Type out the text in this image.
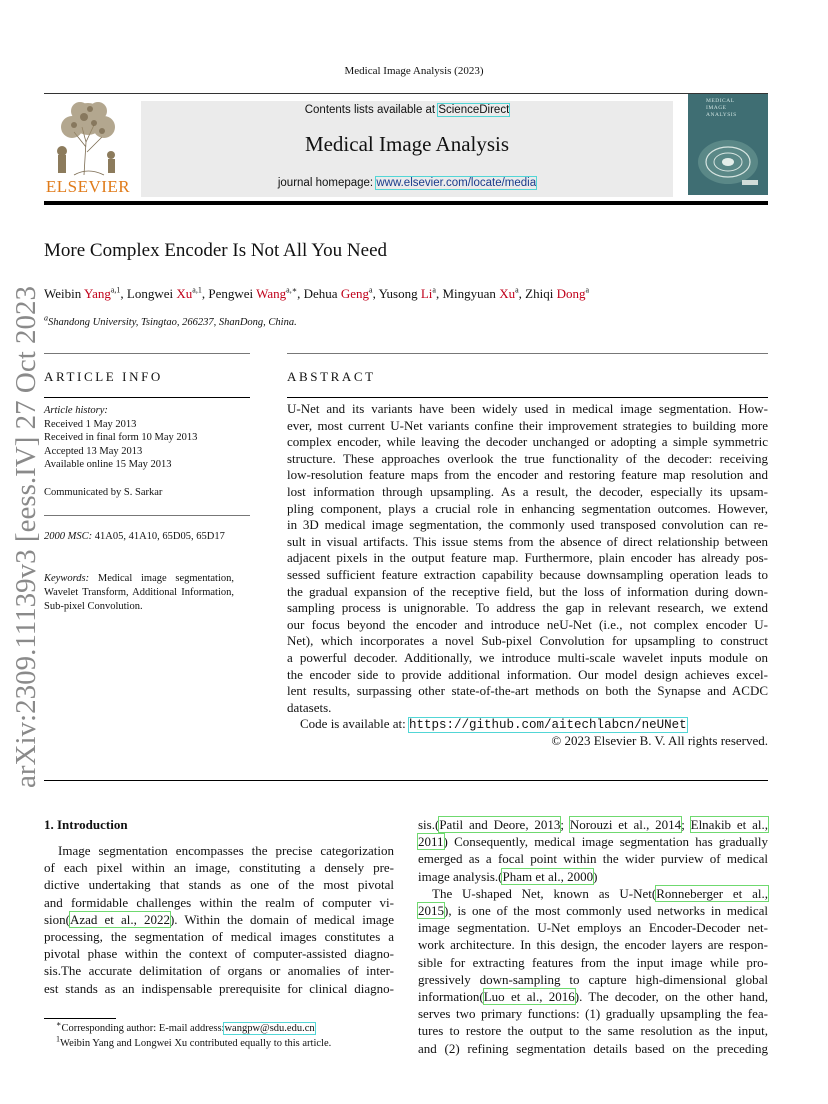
Medical Image Analysis (2023)
ELSEVIER
Contents lists available at ScienceDirect
Medical Image Analysis
journal homepage: www.elsevier.com/locate/media
MEDICAL
IMAGE
ANALYSIS
arXiv:2309.11139v3 [eess.IV] 27 Oct 2023
More Complex Encoder Is Not All You Need
Weibin Yang$^{a,1}$, Longwei Xu$^{a,1}$, Pengwei Wang$^{a,∗}$, Dehua Geng$^a$, Yusong Li$^a$, Mingyuan Xu$^a$, Zhiqi Dong$^a$
$^a$Shandong University, Tsingtao, 266237, ShanDong, China.
ARTICLE INFO
Article history:
Received 1 May 2013
Received in final form 10 May 2013
Accepted 13 May 2013
Available online 15 May 2013
Communicated by S. Sarkar
2000 MSC: 41A05, 41A10, 65D05, 65D17
Keywords: Medical image segmentation, Wavelet Transform, Additional Information, Sub-pixel Convolution.
ABSTRACT
U-Net and its variants have been widely used in medical image segmentation. How-
ever, most current U-Net variants confine their improvement strategies to building more
complex encoder, while leaving the decoder unchanged or adopting a simple symmetric
structure. These approaches overlook the true functionality of the decoder: receiving
low-resolution feature maps from the encoder and restoring feature map resolution and
lost information through upsampling. As a result, the decoder, especially its upsam-
pling component, plays a crucial role in enhancing segmentation outcomes. However,
in 3D medical image segmentation, the commonly used transposed convolution can re-
sult in visual artifacts. This issue stems from the absence of direct relationship between
adjacent pixels in the output feature map. Furthermore, plain encoder has already pos-
sessed sufficient feature extraction capability because downsampling operation leads to
the gradual expansion of the receptive field, but the loss of information during down-
sampling process is unignorable. To address the gap in relevant research, we extend
our focus beyond the encoder and introduce neU-Net (i.e., not complex encoder U-
Net), which incorporates a novel Sub-pixel Convolution for upsampling to construct
a powerful decoder. Additionally, we introduce multi-scale wavelet inputs module on
the encoder side to provide additional information. Our model design achieves excel-
lent results, surpassing other state-of-the-art methods on both the Synapse and ACDC
datasets.
Code is available at: https://github.com/aitechlabcn/neUNet
© 2023 Elsevier B. V. All rights reserved.
1. Introduction
Image segmentation encompasses the precise categorization
of each pixel within an image, constituting a densely pre-
dictive undertaking that stands as one of the most pivotal
and formidable challenges within the realm of computer vi-
sion(Azad et al., 2022). Within the domain of medical image
processing, the segmentation of medical images constitutes a
pivotal phase within the context of computer-assisted diagno-
sis.The accurate delimitation of organs or anomalies of inter-
est stands as an indispensable prerequisite for clinical diagno-
sis.(Patil and Deore, 2013; Norouzi et al., 2014; Elnakib et al.,
2011) Consequently, medical image segmentation has gradually
emerged as a focal point within the wider purview of medical
image analysis.(Pham et al., 2000)
The U-shaped Net, known as U-Net(Ronneberger et al.,
2015), is one of the most commonly used networks in medical
image segmentation. U-Net employs an Encoder-Decoder net-
work architecture. In this design, the encoder layers are respon-
sible for extracting features from the input image while pro-
gressively down-sampling to capture high-dimensional global
information(Luo et al., 2016). The decoder, on the other hand,
serves two primary functions: (1) gradually upsampling the fea-
tures to restore the output to the same resolution as the input,
and (2) refining segmentation details based on the preceding
∗Corresponding author: E-mail address:wangpw@sdu.edu.cn
$^1$Weibin Yang and Longwei Xu contributed equally to this article.
